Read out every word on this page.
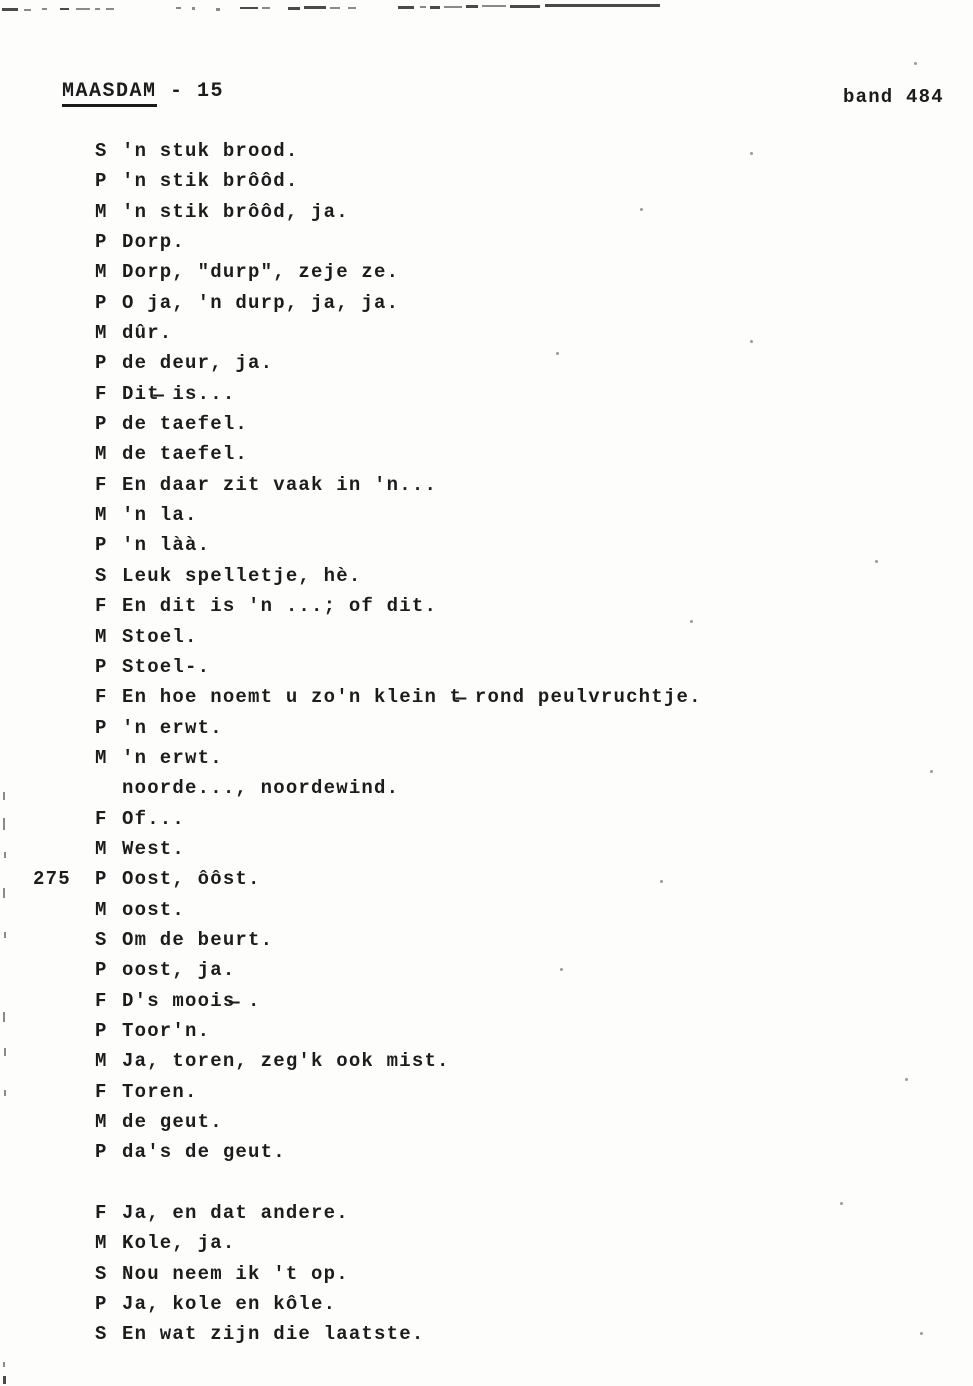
MAASDAM - 15	band 484
S 'n stuk brood.
P 'n stik brôôd.
M 'n stik brôôd, ja.
P Dorp.
M Dorp, "durp", zeje ze.
P O ja, 'n durp, ja, ja.
M dûr.
P de deur, ja.
F Dit̶ is...
P de taefel.
M de taefel.
F En daar zit vaak in 'n...
M 'n la.
P 'n làà.
S Leuk spelletje, hè.
F En dit is 'n ...; of dit.
M Stoel.
P Stoel-.
F En hoe noemt u zo'n klein t̶ rond peulvruchtje.
P 'n erwt.
M 'n erwt.
noorde..., noordewind.
F Of...
M West.
275 P Oost, ôôst.
M oost.
S Om de beurt.
P oost, ja.
F D's moois̶ .
P Toor'n.
M Ja, toren, zeg'k ook mist.
F Toren.
M de geut.
P da's de geut.
F Ja, en dat andere.
M Kole, ja.
S Nou neem ik 't op.
P Ja, kole en kôle.
S En wat zijn die laatste.
